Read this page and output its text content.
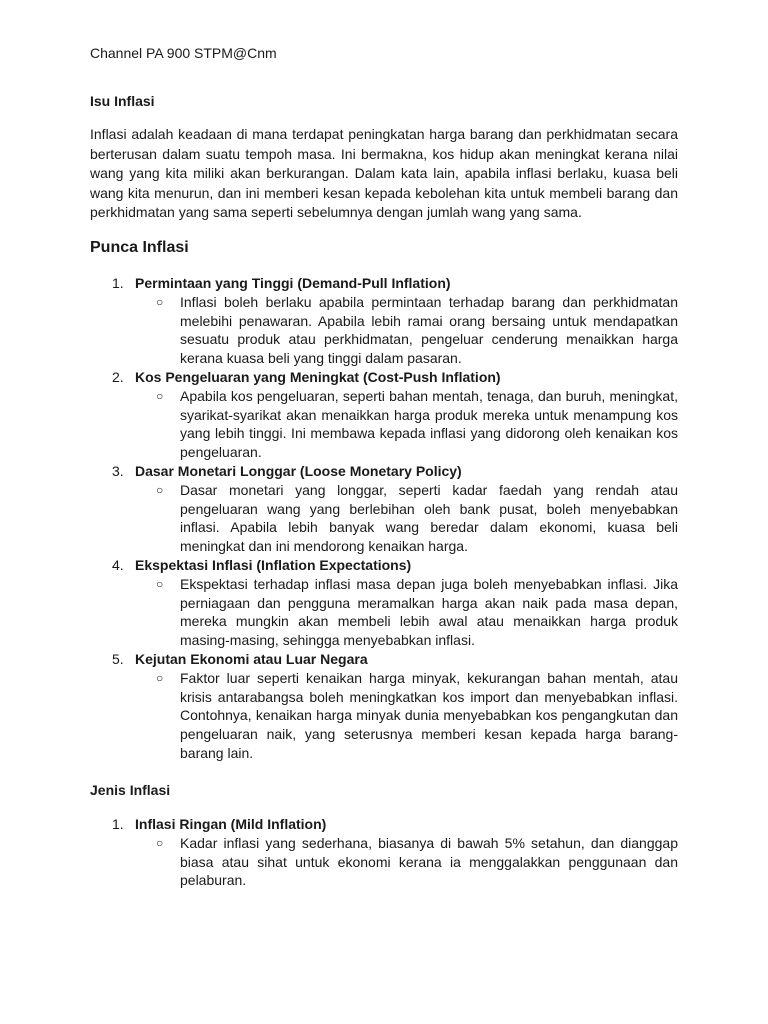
Channel PA 900 STPM@Cnm
Isu Inflasi

Inflasi adalah keadaan di mana terdapat peningkatan harga barang dan perkhidmatan secara berterusan dalam suatu tempoh masa. Ini bermakna, kos hidup akan meningkat kerana nilai wang yang kita miliki akan berkurangan. Dalam kata lain, apabila inflasi berlaku, kuasa beli wang kita menurun, dan ini memberi kesan kepada kebolehan kita untuk membeli barang dan perkhidmatan yang sama seperti sebelumnya dengan jumlah wang yang sama.

Punca Inflasi
1. Permintaan yang Tinggi (Demand-Pull Inflation)
○ Inflasi boleh berlaku apabila permintaan terhadap barang dan perkhidmatan melebihi penawaran. Apabila lebih ramai orang bersaing untuk mendapatkan sesuatu produk atau perkhidmatan, pengeluar cenderung menaikkan harga kerana kuasa beli yang tinggi dalam pasaran.
2. Kos Pengeluaran yang Meningkat (Cost-Push Inflation)
○ Apabila kos pengeluaran, seperti bahan mentah, tenaga, dan buruh, meningkat, syarikat-syarikat akan menaikkan harga produk mereka untuk menampung kos yang lebih tinggi. Ini membawa kepada inflasi yang didorong oleh kenaikan kos pengeluaran.
3. Dasar Monetari Longgar (Loose Monetary Policy)
○ Dasar monetari yang longgar, seperti kadar faedah yang rendah atau pengeluaran wang yang berlebihan oleh bank pusat, boleh menyebabkan inflasi. Apabila lebih banyak wang beredar dalam ekonomi, kuasa beli meningkat dan ini mendorong kenaikan harga.
4. Ekspektasi Inflasi (Inflation Expectations)
○ Ekspektasi terhadap inflasi masa depan juga boleh menyebabkan inflasi. Jika perniagaan dan pengguna meramalkan harga akan naik pada masa depan, mereka mungkin akan membeli lebih awal atau menaikkan harga produk masing-masing, sehingga menyebabkan inflasi.
5. Kejutan Ekonomi atau Luar Negara
○ Faktor luar seperti kenaikan harga minyak, kekurangan bahan mentah, atau krisis antarabangsa boleh meningkatkan kos import dan menyebabkan inflasi. Contohnya, kenaikan harga minyak dunia menyebabkan kos pengangkutan dan pengeluaran naik, yang seterusnya memberi kesan kepada harga barang-barang lain.
Jenis Inflasi
1. Inflasi Ringan (Mild Inflation)
○ Kadar inflasi yang sederhana, biasanya di bawah 5% setahun, dan dianggap biasa atau sihat untuk ekonomi kerana ia menggalakkan penggunaan dan pelaburan.
